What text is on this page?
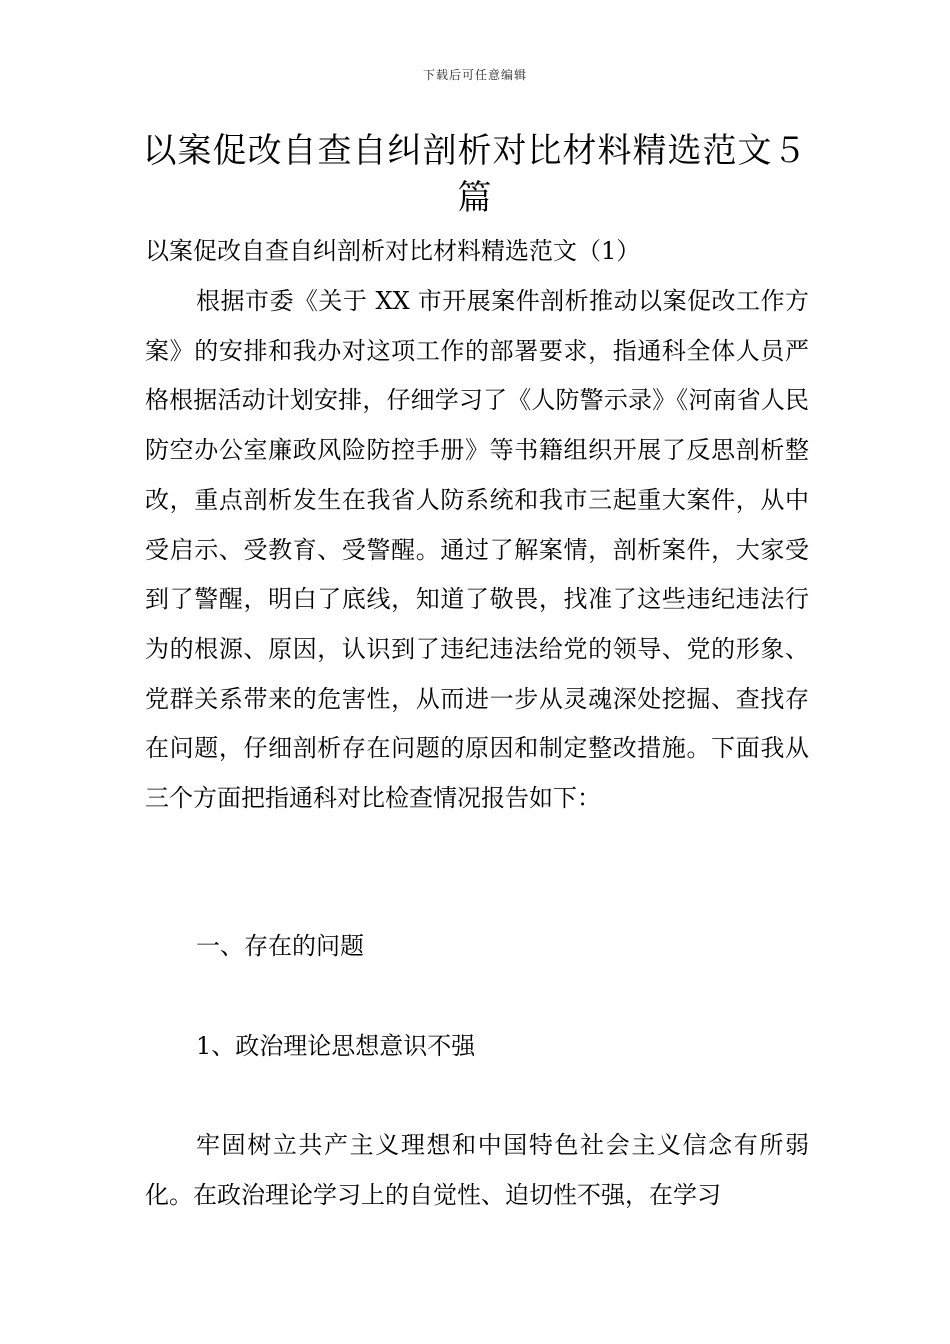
下载后可任意编辑
以案促改自查自纠剖析对比材料精选范文５篇

以案促改自查自纠剖析对比材料精选范文（1）

根据市委《关于 XX 市开展案件剖析推动以案促改工作方案》的安排和我办对这项工作的部署要求，指通科全体人员严格根据活动计划安排，仔细学习了《人防警示录》《河南省人民防空办公室廉政风险防控手册》等书籍组织开展了反思剖析整改，重点剖析发生在我省人防系统和我市三起重大案件，从中受启示、受教育、受警醒。通过了解案情，剖析案件，大家受到了警醒，明白了底线，知道了敬畏，找准了这些违纪违法行为的根源、原因，认识到了违纪违法给党的领导、党的形象、党群关系带来的危害性，从而进一步从灵魂深处挖掘、查找存在问题，仔细剖析存在问题的原因和制定整改措施。下面我从三个方面把指通科对比检查情况报告如下：

一、存在的问题

1、政治理论思想意识不强

牢固树立共产主义理想和中国特色社会主义信念有所弱化。在政治理论学习上的自觉性、迫切性不强，在学习
